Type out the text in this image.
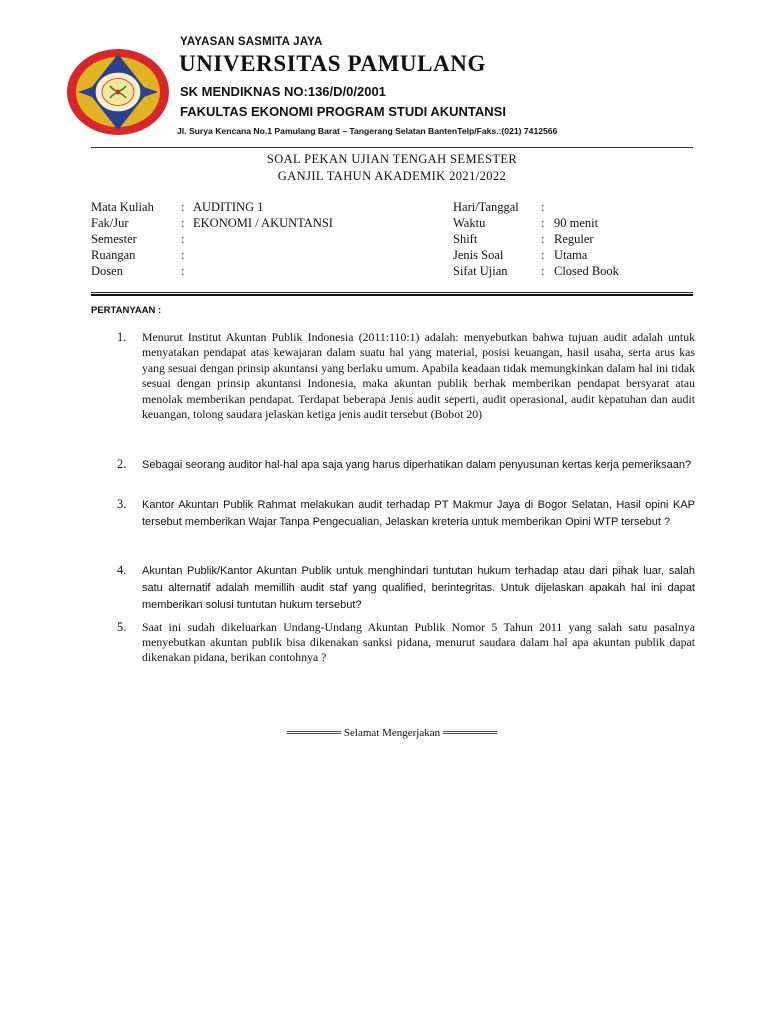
YAYASAN SASMITA JAYA
UNIVERSITAS PAMULANG
SK MENDIKNAS NO:136/D/0/2001
FAKULTAS EKONOMI PROGRAM STUDI AKUNTANSI
Jl. Surya Kencana No.1 Pamulang Barat – Tangerang Selatan BantenTelp/Faks.:(021) 7412566
SOAL PEKAN UJIAN TENGAH SEMESTER
GANJIL TAHUN AKADEMIK 2021/2022
Mata Kuliah : AUDITING 1
Fak/Jur	: EKONOMI / AKUNTANSI
Semester	:
Ruangan	:
Dosen	:
Hari/Tanggal :
Waktu	: 90 menit
Shift	: Reguler
Jenis Soal	: Utama
Sifat Ujian	: Closed Book
PERTANYAAN :
1. Menurut Institut Akuntan Publik Indonesia (2011:110:1) adalah: menyebutkan bahwa tujuan audit adalah untuk menyatakan pendapat atas kewajaran dalam suatu hal yang material, posisi keuangan, hasil usaha, serta arus kas yang sesuai dengan prinsip akuntansi yang berlaku umum. Apabila keadaan tidak memungkinkan dalam hal ini tidak sesuai dengan prinsip akuntansi Indonesia, maka akuntan publik berhak memberikan pendapat bersyarat atau menolak memberikan pendapat. Terdapat beberapa Jenis audit seperti, audit operasional, audit kepatuhan dan audit keuangan, tolong saudara jelaskan ketiga jenis audit tersebut (Bobot 20)
2. Sebagai seorang auditor hal-hal apa saja yang harus diperhatikan dalam penyusunan kertas kerja pemeriksaan?
3. Kantor Akuntan Publik Rahmat melakukan audit terhadap PT Makmur Jaya di Bogor Selatan, Hasil opini KAP tersebut memberikan Wajar Tanpa Pengecualian, Jelaskan kreteria untuk memberikan Opini WTP tersebut ?
4. Akuntan Publik/Kantor Akuntan Publik untuk menghindari tuntutan hukum terhadap atau dari pihak luar, salah satu alternatif adalah memillih audit staf yang qualified, berintegritas. Untuk dijelaskan apakah hal ini dapat memberikan solusi tuntutan hukum tersebut?
5. Saat ini sudah dikeluarkan Undang-Undang Akuntan Publik Nomor 5 Tahun 2011 yang salah satu pasalnya menyebutkan akuntan publik bisa dikenakan sanksi pidana, menurut saudara dalam hal apa akuntan publik dapat dikenakan pidana, berikan contohnya ?
═══════ Selamat Mengerjakan ═══════
